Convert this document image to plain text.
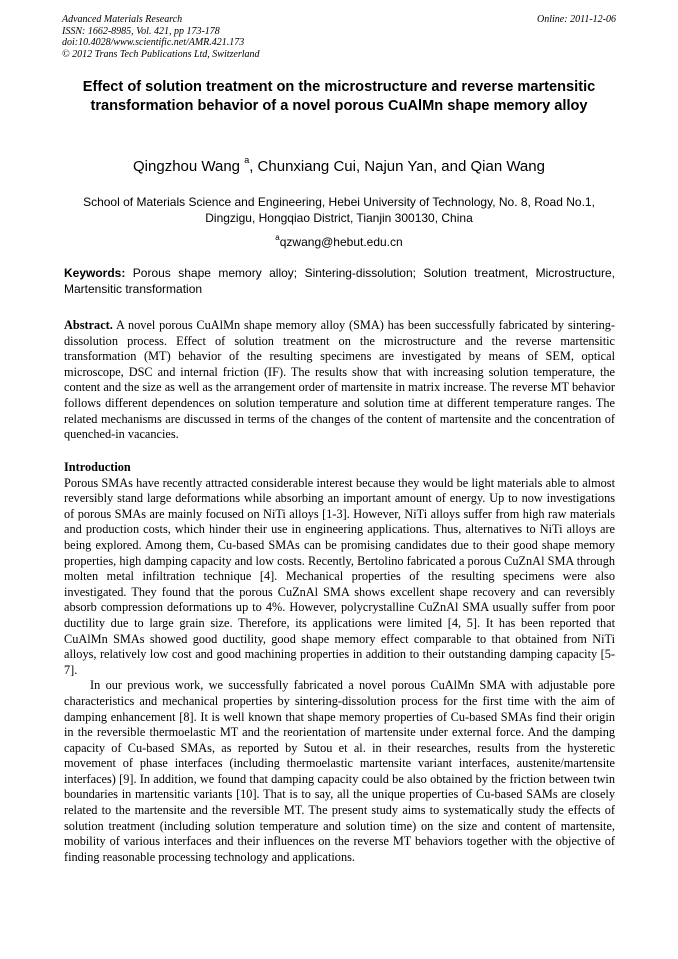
Advanced Materials Research
ISSN: 1662-8985, Vol. 421, pp 173-178
doi:10.4028/www.scientific.net/AMR.421.173
© 2012 Trans Tech Publications Ltd, Switzerland
Online: 2011-12-06
Effect of solution treatment on the microstructure and reverse martensitic transformation behavior of a novel porous CuAlMn shape memory alloy
Qingzhou Wang $^a$, Chunxiang Cui, Najun Yan, and Qian Wang
School of Materials Science and Engineering, Hebei University of Technology, No. 8, Road No.1, Dingzigu, Hongqiao District, Tianjin 300130, China
$^a$qzwang@hebut.edu.cn
Keywords: Porous shape memory alloy; Sintering-dissolution; Solution treatment, Microstructure, Martensitic transformation
Abstract. A novel porous CuAlMn shape memory alloy (SMA) has been successfully fabricated by sintering-dissolution process. Effect of solution treatment on the microstructure and the reverse martensitic transformation (MT) behavior of the resulting specimens are investigated by means of SEM, optical microscope, DSC and internal friction (IF). The results show that with increasing solution temperature, the content and the size as well as the arrangement order of martensite in matrix increase. The reverse MT behavior follows different dependences on solution temperature and solution time at different temperature ranges. The related mechanisms are discussed in terms of the changes of the content of martensite and the concentration of quenched-in vacancies.
Introduction

Porous SMAs have recently attracted considerable interest because they would be light materials able to almost reversibly stand large deformations while absorbing an important amount of energy. Up to now investigations of porous SMAs are mainly focused on NiTi alloys [1-3]. However, NiTi alloys suffer from high raw materials and production costs, which hinder their use in engineering applications. Thus, alternatives to NiTi alloys are being explored. Among them, Cu-based SMAs can be promising candidates due to their good shape memory properties, high damping capacity and low costs. Recently, Bertolino fabricated a porous CuZnAl SMA through molten metal infiltration technique [4]. Mechanical properties of the resulting specimens were also investigated. They found that the porous CuZnAl SMA shows excellent shape recovery and can reversibly absorb compression deformations up to 4%. However, polycrystalline CuZnAl SMA usually suffer from poor ductility due to large grain size. Therefore, its applications were limited [4, 5]. It has been reported that CuAlMn SMAs showed good ductility, good shape memory effect comparable to that obtained from NiTi alloys, relatively low cost and good machining properties in addition to their outstanding damping capacity [5-7].

In our previous work, we successfully fabricated a novel porous CuAlMn SMA with adjustable pore characteristics and mechanical properties by sintering-dissolution process for the first time with the aim of damping enhancement [8]. It is well known that shape memory properties of Cu-based SMAs find their origin in the reversible thermoelastic MT and the reorientation of martensite under external force. And the damping capacity of Cu-based SMAs, as reported by Sutou et al. in their researches, results from the hysteretic movement of phase interfaces (including thermoelastic martensite variant interfaces, austenite/martensite interfaces) [9]. In addition, we found that damping capacity could be also obtained by the friction between twin boundaries in martensitic variants [10]. That is to say, all the unique properties of Cu-based SAMs are closely related to the martensite and the reversible MT. The present study aims to systematically study the effects of solution treatment (including solution temperature and solution time) on the size and content of martensite, mobility of various interfaces and their influences on the reverse MT behaviors together with the objective of finding reasonable processing technology and applications.
